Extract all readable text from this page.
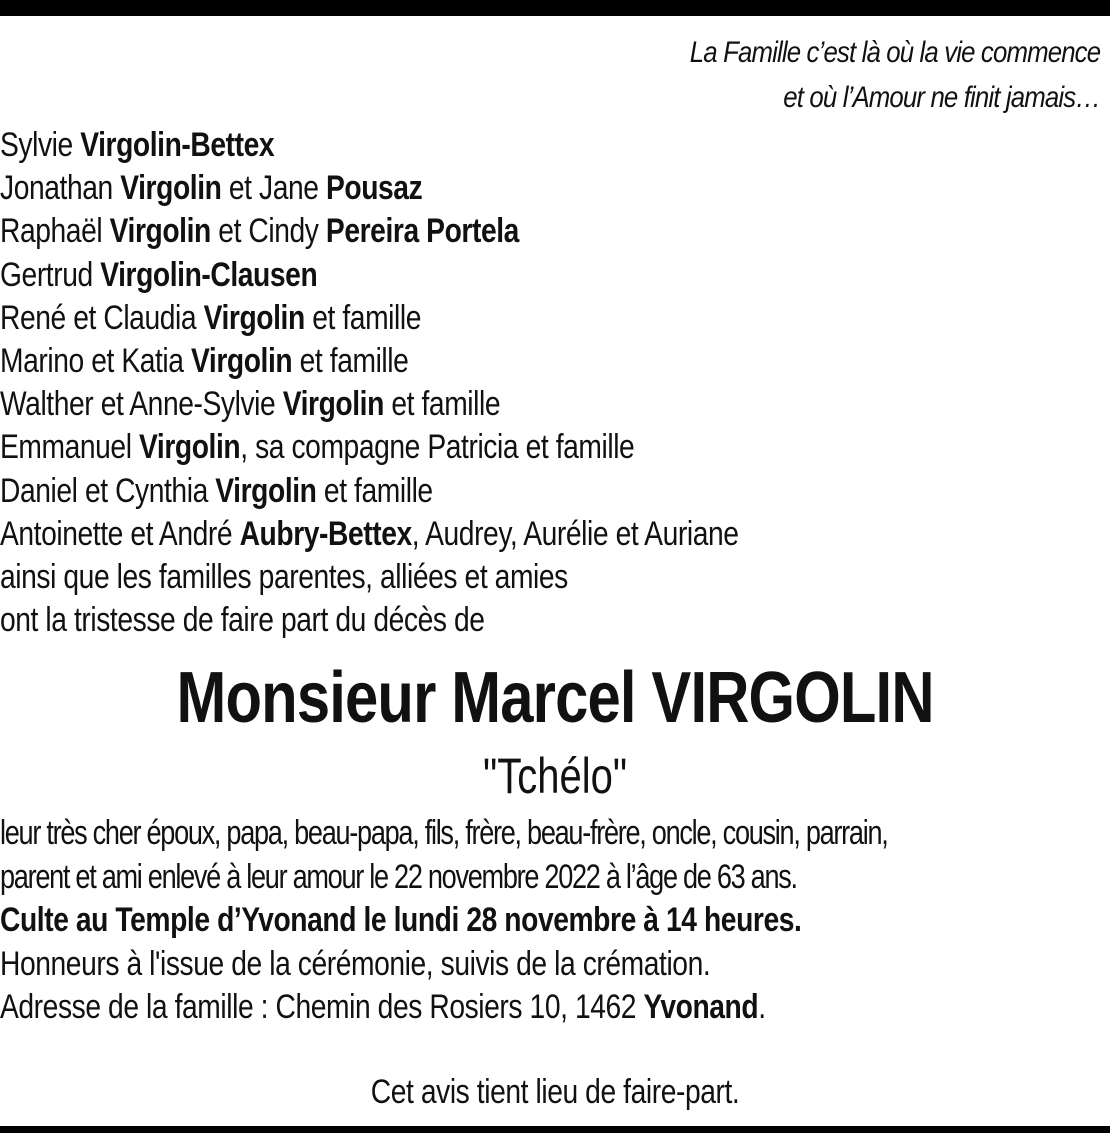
La Famille c’est là où la vie commence
et où l’Amour ne finit jamais…
Sylvie Virgolin-Bettex
Jonathan Virgolin et Jane Pousaz
Raphaël Virgolin et Cindy Pereira Portela
Gertrud Virgolin-Clausen
René et Claudia Virgolin et famille
Marino et Katia Virgolin et famille
Walther et Anne-Sylvie Virgolin et famille
Emmanuel Virgolin, sa compagne Patricia et famille
Daniel et Cynthia Virgolin et famille
Antoinette et André Aubry-Bettex, Audrey, Aurélie et Auriane
ainsi que les familles parentes, alliées et amies
ont la tristesse de faire part du décès de
Monsieur Marcel VIRGOLIN
"Tchélo"
leur très cher époux, papa, beau-papa, fils, frère, beau-frère, oncle, cousin, parrain,
parent et ami enlevé à leur amour le 22 novembre 2022 à l’âge de 63 ans.
Culte au Temple d’Yvonand le lundi 28 novembre à 14 heures.
Honneurs à l'issue de la cérémonie, suivis de la crémation.
Adresse de la famille : Chemin des Rosiers 10, 1462 Yvonand.
Cet avis tient lieu de faire-part.
